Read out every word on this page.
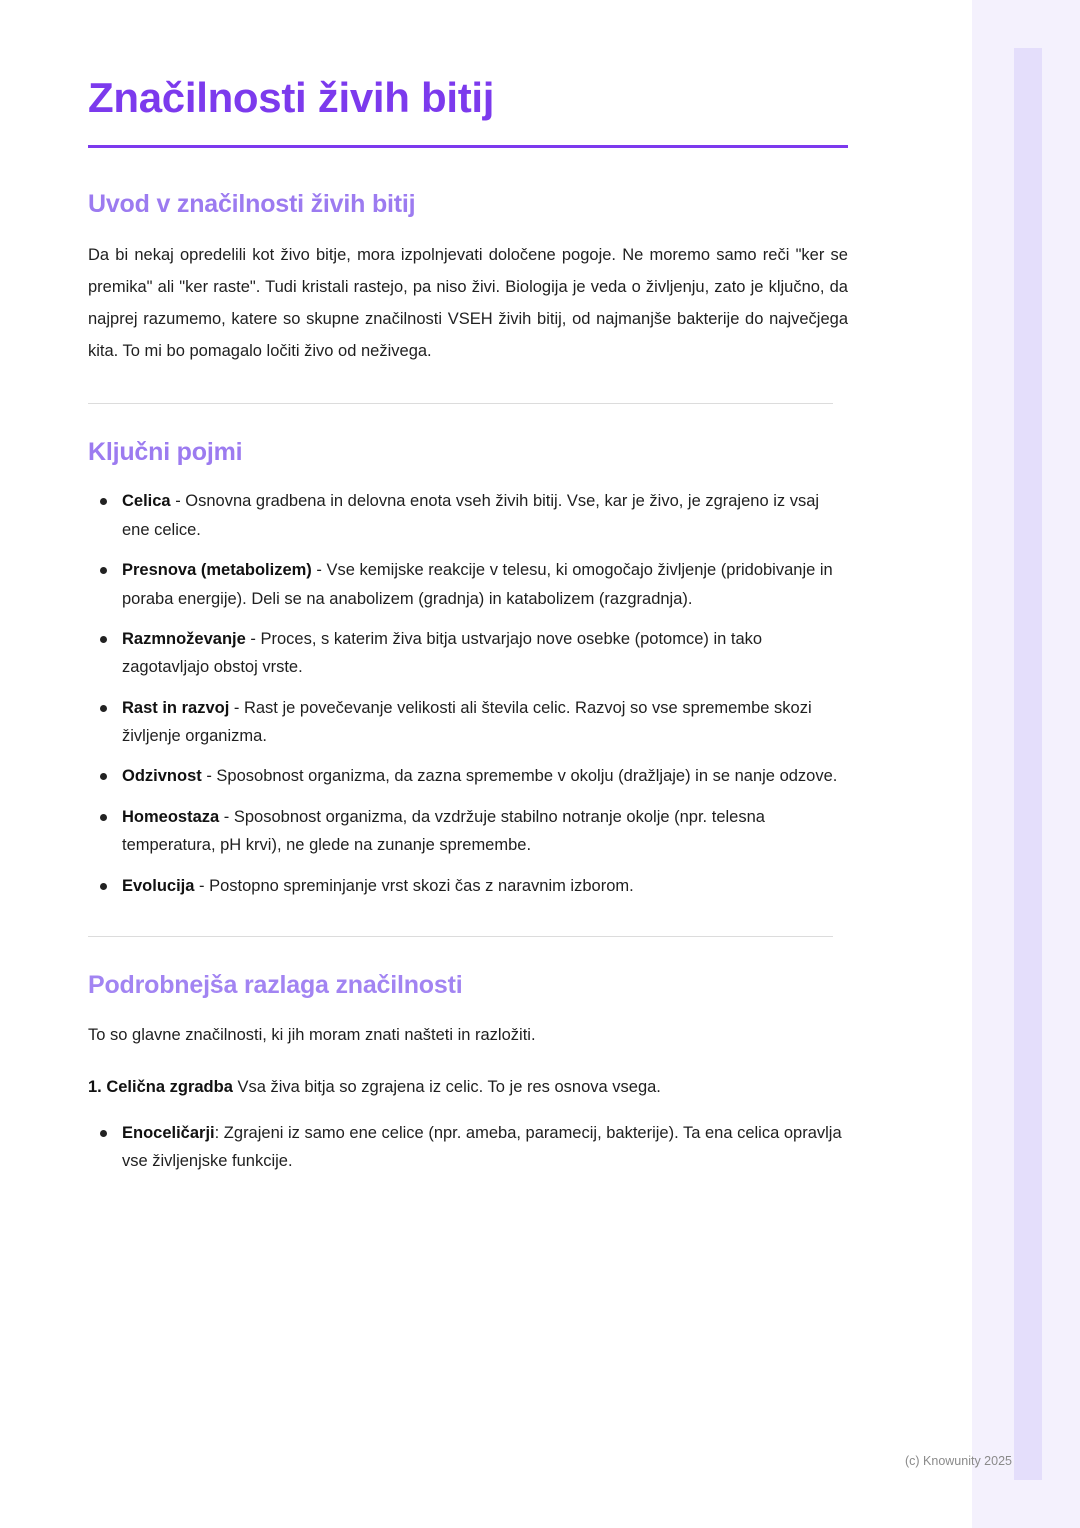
Značilnosti živih bitij
Uvod v značilnosti živih bitij

Da bi nekaj opredelili kot živo bitje, mora izpolnjevati določene pogoje. Ne moremo samo reči "ker se premika" ali "ker raste". Tudi kristali rastejo, pa niso živi. Biologija je veda o življenju, zato je ključno, da najprej razumemo, katere so skupne značilnosti VSEH živih bitij, od najmanjše bakterije do največjega kita. To mi bo pomagalo ločiti živo od neživega.

Ključni pojmi
Celica - Osnovna gradbena in delovna enota vseh živih bitij. Vse, kar je živo, je zgrajeno iz vsaj ene celice.
Presnova (metabolizem) - Vse kemijske reakcije v telesu, ki omogočajo življenje (pridobivanje in poraba energije). Deli se na anabolizem (gradnja) in katabolizem (razgradnja).
Razmnoževanje - Proces, s katerim živa bitja ustvarjajo nove osebke (potomce) in tako zagotavljajo obstoj vrste.
Rast in razvoj - Rast je povečevanje velikosti ali števila celic. Razvoj so vse spremembe skozi življenje organizma.
Odzivnost - Sposobnost organizma, da zazna spremembe v okolju (dražljaje) in se nanje odzove.
Homeostaza - Sposobnost organizma, da vzdržuje stabilno notranje okolje (npr. telesna temperatura, pH krvi), ne glede na zunanje spremembe.
Evolucija - Postopno spreminjanje vrst skozi čas z naravnim izborom.
Podrobnejša razlaga značilnosti

To so glavne značilnosti, ki jih moram znati našteti in razložiti.

1. Celična zgradba Vsa živa bitja so zgrajena iz celic. To je res osnova vsega.

Enoceličarji: Zgrajeni iz samo ene celice (npr. ameba, paramecij, bakterije). Ta ena celica opravlja vse življenjske funkcije.
(c) Knowunity 2025
